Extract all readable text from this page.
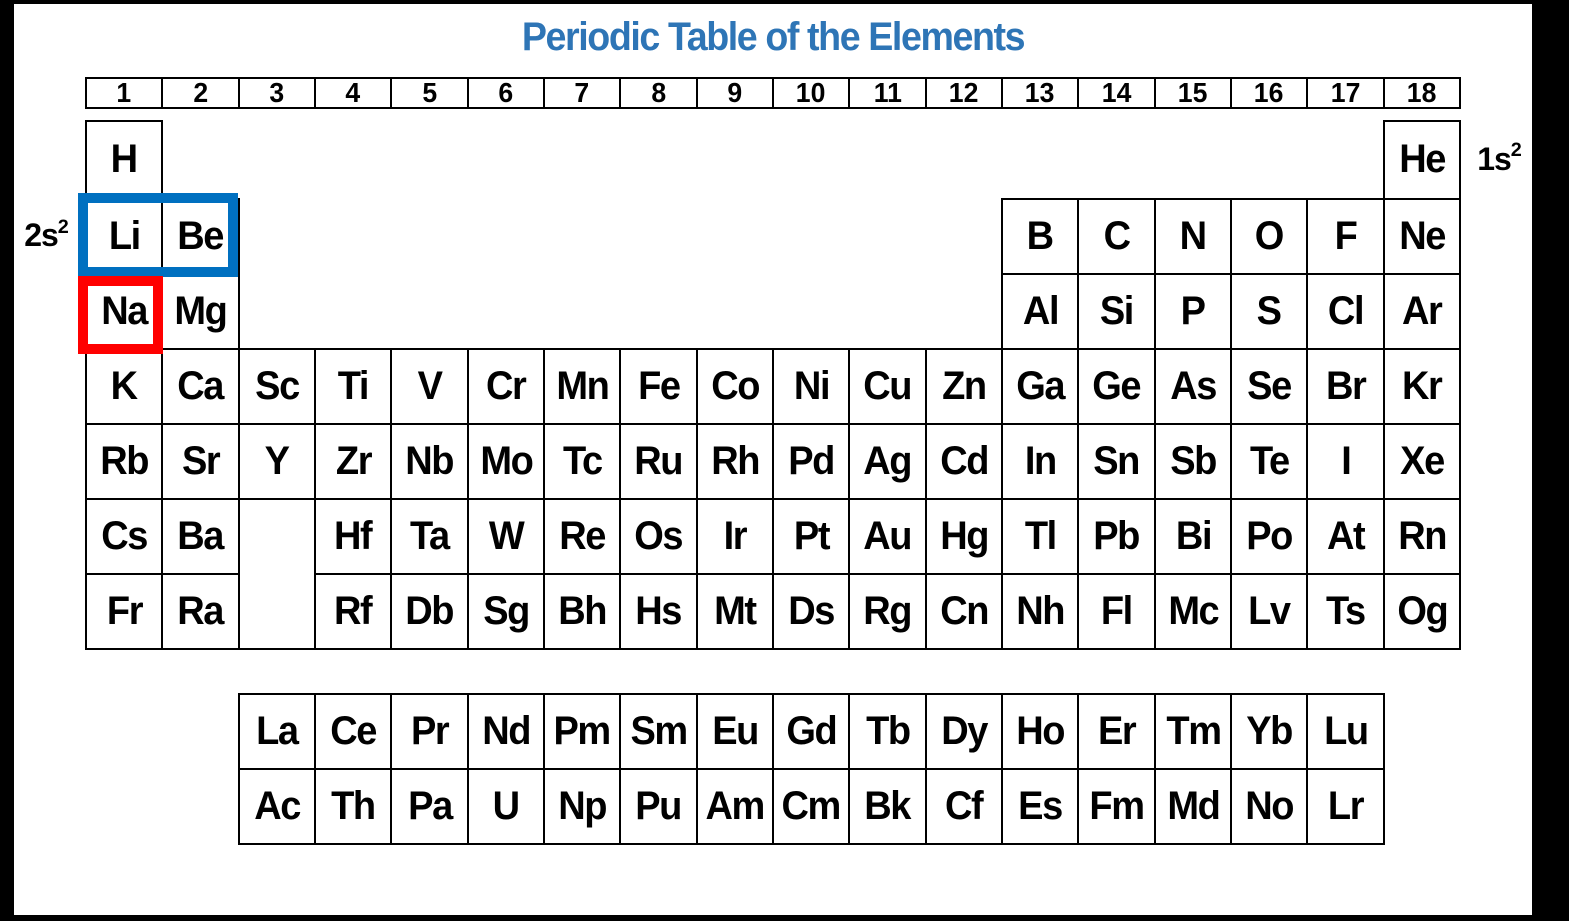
Periodic Table of the Elements
1 2 3 4 5 6 7 8 9 10 11 12 13 14 15 16 17 18
H	He
Li Be	B C N O F Ne
Na Mg	Al Si P S Cl Ar
K Ca Sc Ti V Cr Mn Fe Co Ni Cu Zn Ga Ge As Se Br Kr
Rb Sr Y Zr Nb Mo Tc Ru Rh Pd Ag Cd In Sn Sb Te I Xe
Cs Ba	Hf Ta W Re Os Ir Pt Au Hg Tl Pb Bi Po At Rn
Fr Ra	Rf Db Sg Bh Hs Mt Ds Rg Cn Nh Fl Mc Lv Ts Og
La Ce Pr Nd Pm Sm Eu Gd Tb Dy Ho Er Tm Yb Lu
Ac Th Pa U Np Pu Am Cm Bk Cf Es Fm Md No Lr
$2s^2$
$1s^2$
